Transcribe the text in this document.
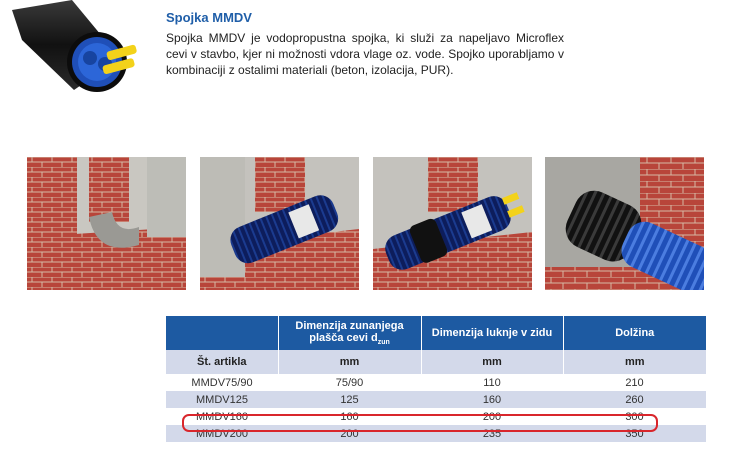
Spojka MMDV
Spojka MMDV je vodopropustna spojka, ki služi za napeljavo Microflex cevi v stavbo, kjer ni možnosti vdora vlage oz. vode. Spojko uporabljamo v kombinaciji z ostalimi materiali (beton, izolacija, PUR).
	Dimenzija zunanjega plašča cevi $d_{zun}$	Dimenzija luknje v zidu	Dolžina
Št. artikla	mm	mm	mm
MMDV75/90	75/90	110	210
MMDV125	125	160	260
MMDV160	160	200	300
MMDV200	200	235	350
